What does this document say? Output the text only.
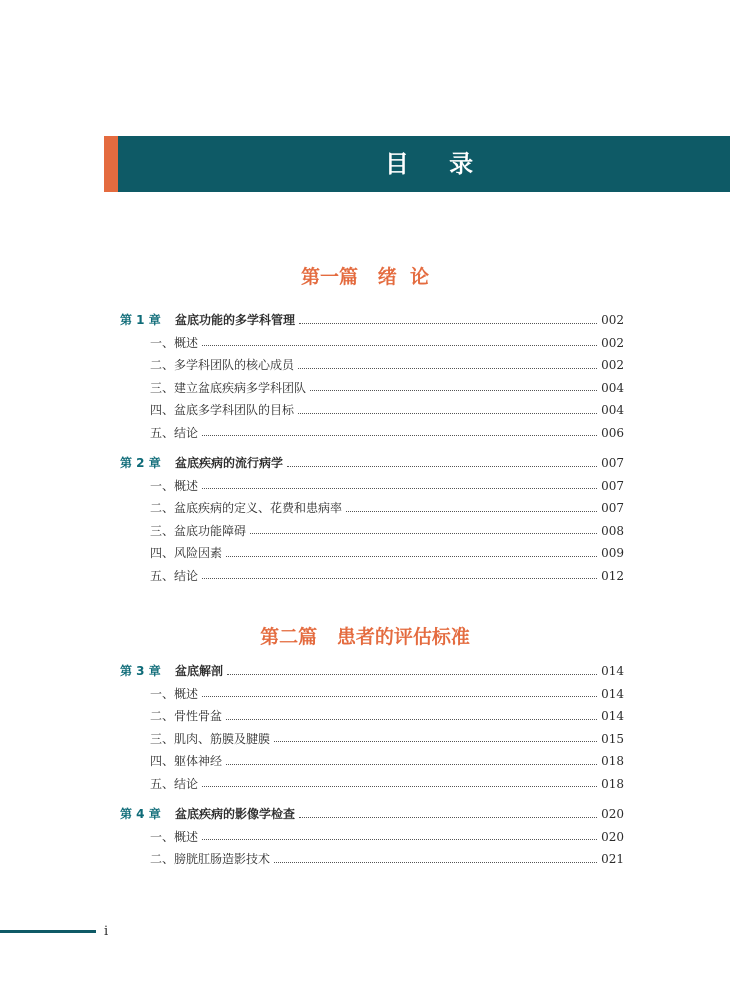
目 录
第一篇   绪  论
第 1 章	盆底功能的多学科管理	002
一、概述	002
二、多学科团队的核心成员	002
三、建立盆底疾病多学科团队	004
四、盆底多学科团队的目标	004
五、结论	006
第 2 章	盆底疾病的流行病学	007
一、概述	007
二、盆底疾病的定义、花费和患病率	007
三、盆底功能障碍	008
四、风险因素	009
五、结论	012
第二篇   患者的评估标准
第 3 章	盆底解剖	014
一、概述	014
二、骨性骨盆	014
三、肌肉、筋膜及腱膜	015
四、躯体神经	018
五、结论	018
第 4 章	盆底疾病的影像学检查	020
一、概述	020
二、膀胱肛肠造影技术	021
i
